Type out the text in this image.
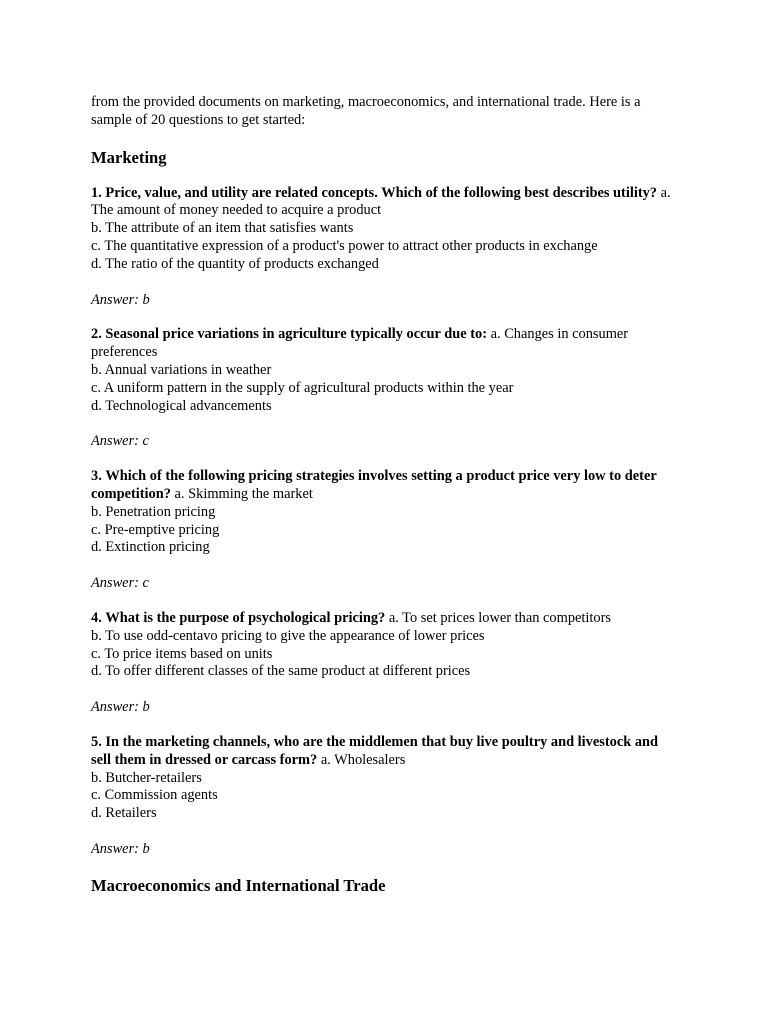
from the provided documents on marketing, macroeconomics, and international trade. Here is a sample of 20 questions to get started:

Marketing
1. Price, value, and utility are related concepts. Which of the following best describes utility? a. The amount of money needed to acquire a product
b. The attribute of an item that satisfies wants
c. The quantitative expression of a product's power to attract other products in exchange
d. The ratio of the quantity of products exchanged
Answer: b
2. Seasonal price variations in agriculture typically occur due to: a. Changes in consumer preferences
b. Annual variations in weather
c. A uniform pattern in the supply of agricultural products within the year
d. Technological advancements
Answer: c
3. Which of the following pricing strategies involves setting a product price very low to deter competition? a. Skimming the market
b. Penetration pricing
c. Pre-emptive pricing
d. Extinction pricing
Answer: c
4. What is the purpose of psychological pricing? a. To set prices lower than competitors
b. To use odd-centavo pricing to give the appearance of lower prices
c. To price items based on units
d. To offer different classes of the same product at different prices
Answer: b
5. In the marketing channels, who are the middlemen that buy live poultry and livestock and sell them in dressed or carcass form? a. Wholesalers
b. Butcher-retailers
c. Commission agents
d. Retailers
Answer: b
Macroeconomics and International Trade
